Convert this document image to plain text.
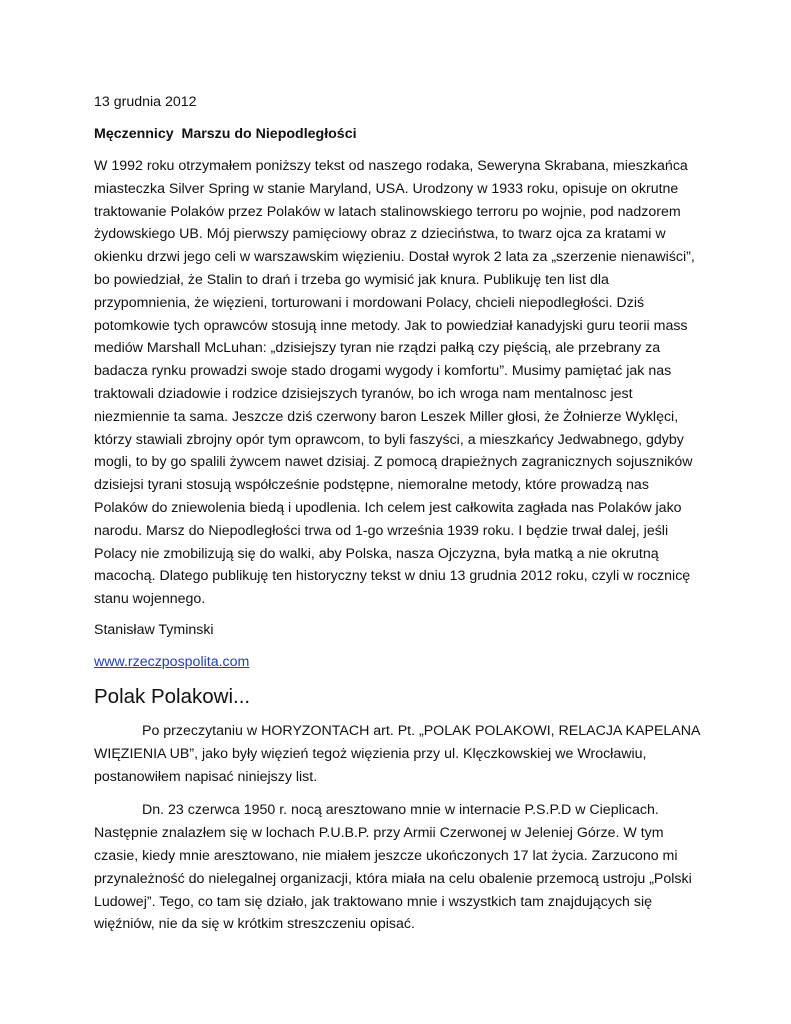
13 grudnia 2012
Męczennicy  Marszu do Niepodległości
W 1992 roku otrzymałem poniższy tekst od naszego rodaka, Seweryna Skrabana, mieszkańca
miasteczka Silver Spring w stanie Maryland, USA. Urodzony w 1933 roku, opisuje on okrutne
traktowanie Polaków przez Polaków w latach stalinowskiego terroru po wojnie, pod nadzorem
żydowskiego UB. Mój pierwszy pamięciowy obraz z dzieciństwa, to twarz ojca za kratami w
okienku drzwi jego celi w warszawskim więzieniu. Dostał wyrok 2 lata za „szerzenie nienawiści”,
bo powiedział, że Stalin to drań i trzeba go wymisić jak knura. Publikuję ten list dla
przypomnienia, że więzieni, torturowani i mordowani Polacy, chcieli niepodległości. Dziś
potomkowie tych oprawców stosują inne metody. Jak to powiedział kanadyjski guru teorii mass
mediów Marshall McLuhan: „dzisiejszy tyran nie rządzi pałką czy pięścią, ale przebrany za
badacza rynku prowadzi swoje stado drogami wygody i komfortu”. Musimy pamiętać jak nas
traktowali dziadowie i rodzice dzisiejszych tyranów, bo ich wroga nam mentalnosc jest
niezmiennie ta sama. Jeszcze dziś czerwony baron Leszek Miller głosi, że Żołnierze Wyklęci,
którzy stawiali zbrojny opór tym oprawcom, to byli faszyści, a mieszkańcy Jedwabnego, gdyby
mogli, to by go spalili żywcem nawet dzisiaj. Z pomocą drapieżnych zagranicznych sojuszników
dzisiejsi tyrani stosują współcześnie podstępne, niemoralne metody, które prowadzą nas
Polaków do zniewolenia biedą i upodlenia. Ich celem jest całkowita zagłada nas Polaków jako
narodu. Marsz do Niepodległości trwa od 1-go września 1939 roku. I będzie trwał dalej, jeśli
Polacy nie zmobilizują się do walki, aby Polska, nasza Ojczyzna, była matką a nie okrutną
macochą. Dlatego publikuję ten historyczny tekst w dniu 13 grudnia 2012 roku, czyli w rocznicę
stanu wojennego.
Stanisław Tyminski
www.rzeczpospolita.com
Polak Polakowi...
Po przeczytaniu w HORYZONTACH art. Pt. „POLAK POLAKOWI, RELACJA KAPELANA
WIĘZIENIA UB”, jako były więzień tegoż więzienia przy ul. Klęczkowskiej we Wrocławiu,
postanowiłem napisać niniejszy list.
Dn. 23 czerwca 1950 r. nocą aresztowano mnie w internacie P.S.P.D w Cieplicach.
Następnie znalazłem się w lochach P.U.B.P. przy Armii Czerwonej w Jeleniej Górze. W tym
czasie, kiedy mnie aresztowano, nie miałem jeszcze ukończonych 17 lat życia. Zarzucono mi
przynależność do nielegalnej organizacji, która miała na celu obalenie przemocą ustroju „Polski
Ludowej”. Tego, co tam się działo, jak traktowano mnie i wszystkich tam znajdujących się
więźniów, nie da się w krótkim streszczeniu opisać.
